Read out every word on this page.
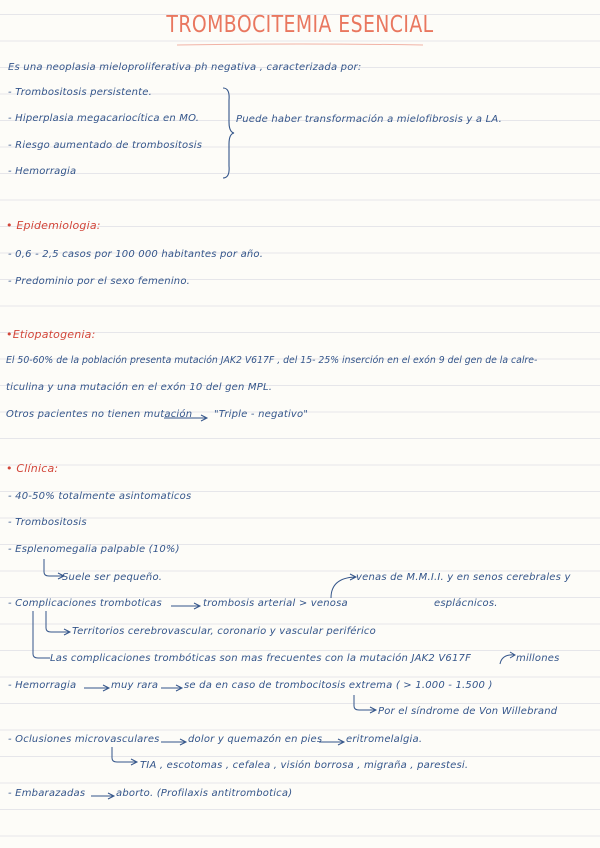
TROMBOCITEMIA ESENCIAL
Es una neoplasia mieloproliferativa ph negativa , caracterizada por:
- Trombositosis persistente.
- Hiperplasia megacariocítica en MO.
- Riesgo aumentado de trombositosis
- Hemorragia
Puede haber transformación a mielofibrosis y a LA.
• Epidemiologia:
- 0,6 - 2,5 casos por 100 000 habitantes por año.
- Predominio por el sexo femenino.
•Etiopatogenia:
El 50-60% de la población presenta mutación JAK2 V617F , del 15- 25% inserción en el exón 9 del gen de la calre-
ticulina y una mutación en el exón 10 del gen MPL.
Otros pacientes no tienen mutación "Triple - negativo"
• Clínica:
- 40-50% totalmente asintomaticos
- Trombositosis
- Esplenomegalia palpable (10%)
Suele ser pequeño.	venas de M.M.I.I. y en senos cerebrales y
- Complicaciones tromboticas	trombosis arterial > venosa	esplácnicos.
Territorios cerebrovascular, coronario y vascular periférico
Las complicaciones trombóticas son mas frecuentes con la mutación JAK2 V617F	millones
- Hemorragia	muy rara	se da en caso de trombocitosis extrema ( > 1.000 - 1.500 )
Por el síndrome de Von Willebrand
- Oclusiones microvasculares	dolor y quemazón en pies eritromelalgia.
TIA , escotomas , cefalea , visión borrosa , migraña , parestesi.
- Embarazadas	aborto. (Profilaxis antitrombotica)
